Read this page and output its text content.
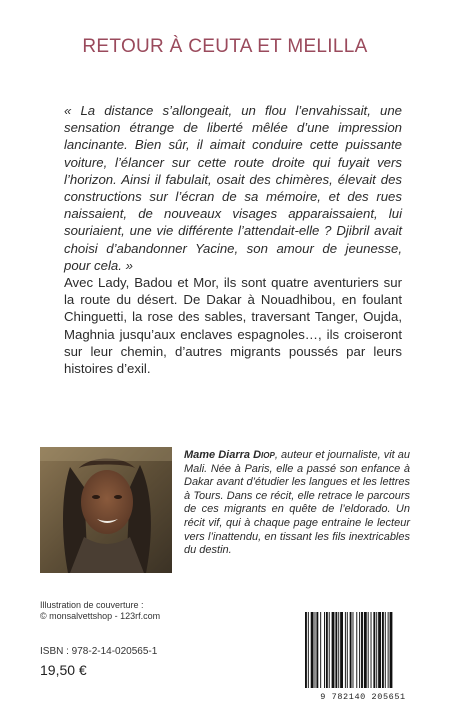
RETOUR À CEUTA ET MELILLA
« La distance s’allongeait, un flou l’envahissait, une sensation étrange de liberté mêlée d’une impression lancinante. Bien sûr, il aimait conduire cette puissante voiture, l’élancer sur cette route droite qui fuyait vers l’horizon. Ainsi il fabulait, osait des chimères, élevait des constructions sur l’écran de sa mémoire, et des rues naissaient, de nouveaux visages apparaissaient, lui souriaient, une vie différente l’attendait-elle ? Djibril avait choisi d’abandonner Yacine, son amour de jeunesse, pour cela. »
Avec Lady, Badou et Mor, ils sont quatre aventuriers sur la route du désert. De Dakar à Nouadhibou, en foulant Chinguetti, la rose des sables, traversant Tanger, Oujda, Maghnia jusqu’aux enclaves espagnoles…, ils croiseront sur leur chemin, d’autres migrants poussés par leurs histoires d’exil.
Mame Diarra Diop, auteur et journaliste, vit au Mali. Née à Paris, elle a passé son enfance à Dakar avant d’étudier les langues et les lettres à Tours. Dans ce récit, elle retrace le parcours de ces migrants en quête de l’eldorado. Un récit vif, qui à chaque page entraine le lecteur vers l’inattendu, en tissant les fils inextricables du destin.
Illustration de couverture :
© monsalvettshop - 123rf.com
ISBN : 978-2-14-020565-1
19,50 €
9 782140 205651
